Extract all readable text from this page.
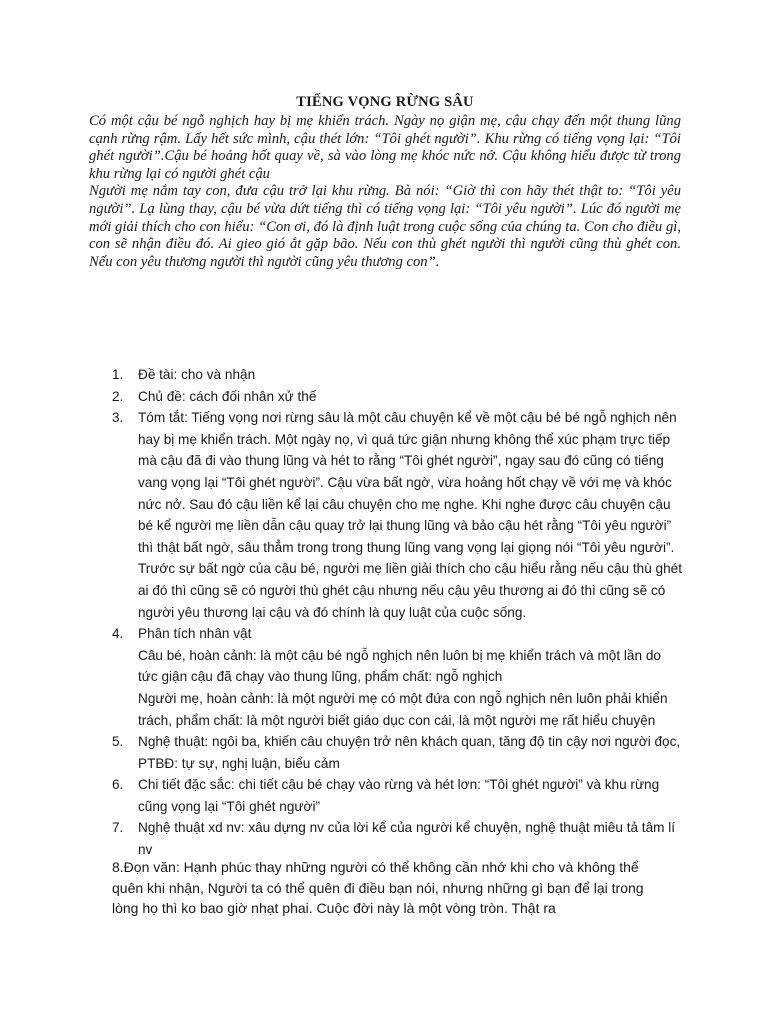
TIẾNG VỌNG RỪNG SÂU

Có một cậu bé ngỗ nghịch hay bị mẹ khiển trách. Ngày nọ giận mẹ, cậu chạy đến một thung lũng cạnh rừng rậm. Lấy hết sức mình, cậu thét lớn: “Tôi ghét người”. Khu rừng có tiếng vọng lại: “Tôi ghét người”.Cậu bé hoảng hốt quay về, sà vào lòng mẹ khóc nức nở. Cậu không hiểu được từ trong khu rừng lại có người ghét cậu

Người mẹ nắm tay con, đưa cậu trở lại khu rừng. Bà nói: “Giờ thì con hãy thét thật to: “Tôi yêu người”. Lạ lùng thay, cậu bé vừa dứt tiếng thì có tiếng vọng lại: “Tôi yêu người”. Lúc đó người mẹ mới giải thích cho con hiểu: “Con ơi, đó là định luật trong cuộc sống của chúng ta. Con cho điều gì, con sẽ nhận điều đó. Ai gieo gió ắt gặp bão. Nếu con thù ghét người thì người cũng thù ghét con. Nếu con yêu thương người thì người cũng yêu thương con”.

1. Đề tài: cho và nhận
2. Chủ đề: cách đối nhân xử thế
3. Tóm tắt: Tiếng vọng nơi rừng sâu là một câu chuyện kể về một cậu bé bé ngỗ nghịch nên hay bị mẹ khiển trách. Một ngày nọ, vì quá tức giận nhưng không thể xúc phạm trực tiếp mà cậu đã đi vào thung lũng và hét to rằng “Tôi ghét người”, ngay sau đó cũng có tiếng vang vọng lại “Tôi ghét người”. Cậu vừa bất ngờ, vừa hoảng hốt chạy về với mẹ và khóc nức nở. Sau đó cậu liền kể lại câu chuyện cho mẹ nghe. Khi nghe được câu chuyện cậu bé kể người mẹ liền dẫn cậu quay trở lại thung lũng và bảo cậu hét rằng “Tôi yêu người” thì thật bất ngờ, sâu thẳm trong trong thung lũng vang vọng lại giọng nói “Tôi yêu người”. Trước sự bất ngờ của cậu bé, người mẹ liền giải thích cho cậu hiểu rằng nếu cậu thù ghét ai đó thì cũng sẽ có người thù ghét cậu nhưng nếu cậu yêu thương ai đó thì cũng sẽ có người yêu thương lại cậu và đó chính là quy luật của cuộc sống.
4. Phân tích nhân vật
Câu bé, hoàn cảnh: là một cậu bé ngỗ nghịch nên luôn bị mẹ khiển trách và một lần do tức giận cậu đã chạy vào thung lũng, phẩm chất: ngỗ nghịch
Người mẹ, hoàn cảnh: là một người mẹ có một đứa con ngỗ nghịch nên luôn phải khiển trách, phẩm chất: là một người biết giáo dục con cái, là một người mẹ rất hiểu chuyện
5. Nghệ thuật: ngôi ba, khiến câu chuyện trở nên khách quan, tăng độ tin cậy nơi người đọc, PTBĐ: tự sự, nghị luận, biểu cảm
6. Chi tiết đặc sắc: chi tiết cậu bé chạy vào rừng và hét lơn: “Tôi ghét người” và khu rừng cũng vọng lại “Tôi ghét người”
7. Nghệ thuật xd nv: xâu dựng nv của lời kể của người kể chuyện, nghệ thuật miêu tả tâm lí nv

8.Đọn văn: Hạnh phúc thay những người có thể không cần nhớ khi cho và không thể quên khi nhận, Người ta có thể quên đi điều bạn nói, nhưng những gì bạn để lại trong lòng họ thì ko bao giờ nhạt phai. Cuộc đời này là một vòng tròn. Thật ra
